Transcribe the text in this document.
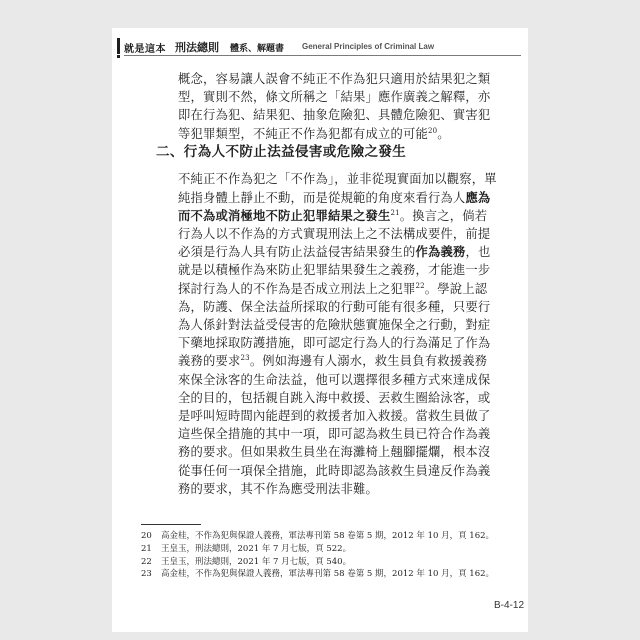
就是這本 刑法總則 體系、解題書 General Principles of Criminal Law

概念，容易讓人誤會不純正不作為犯只適用於結果犯之類型，實則不然，條文所稱之「結果」應作廣義之解釋，亦即在行為犯、結果犯、抽象危險犯、具體危險犯、實害犯等犯罪類型，不純正不作為犯都有成立的可能$^{20}$。

二、行為人不防止法益侵害或危險之發生

不純正不作為犯之「不作為」，並非從現實面加以觀察，單純指身體上靜止不動，而是從規範的角度來看行為人應為而不為或消極地不防止犯罪結果之發生$^{21}$。換言之，倘若行為人以不作為的方式實現刑法上之不法構成要件，前提必須是行為人具有防止法益侵害結果發生的作為義務，也就是以積極作為來防止犯罪結果發生之義務，才能進一步探討行為人的不作為是否成立刑法上之犯罪$^{22}$。學說上認為，防護、保全法益所採取的行動可能有很多種，只要行為人係針對法益受侵害的危險狀態實施保全之行動，對症下藥地採取防護措施，即可認定行為人的行為滿足了作為義務的要求$^{23}$。例如海邊有人溺水，救生員負有救援義務來保全泳客的生命法益，他可以選擇很多種方式來達成保全的目的，包括親自跳入海中救援、丟救生圈給泳客，或是呼叫短時間內能趕到的救援者加入救援。當救生員做了這些保全措施的其中一項，即可認為救生員已符合作為義務的要求。但如果救生員坐在海灘椅上翹腳擺爛，根本沒從事任何一項保全措施，此時即認為該救生員違反作為義務的要求，其不作為應受刑法非難。

20 高金桂，不作為犯與保證人義務，軍法專刊第 58 卷第 5 期，2012 年 10 月，頁 162。
21 王皇玉，刑法總則，2021 年 7 月七版，頁 522。
22 王皇玉，刑法總則，2021 年 7 月七版，頁 540。
23 高金桂，不作為犯與保證人義務，軍法專刊第 58 卷第 5 期，2012 年 10 月，頁 162。
B-4-12
